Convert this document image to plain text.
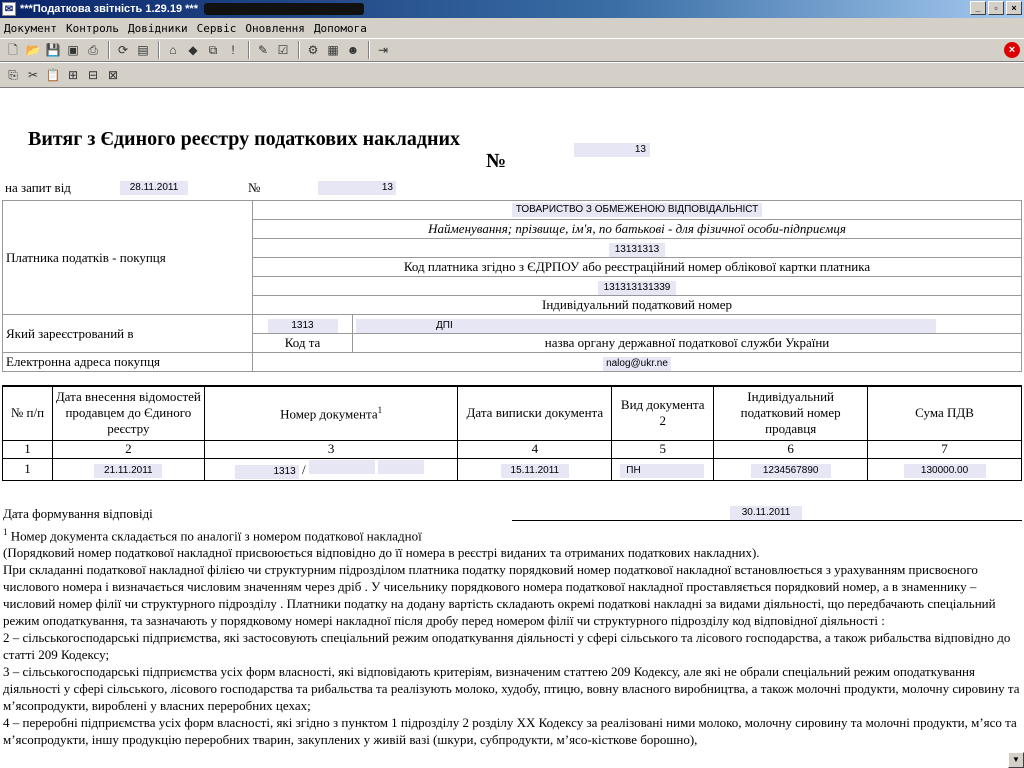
✉ ***Податкова звітність 1.29.19 ***	_	▫	×
Документ Контроль Довідники Сервіс Оновлення Допомога
🗋 📂 💾 ▣ ⎙	⟳ ▤	⌂ ◆ ⧉	!	✎ ☑	⚙ ▦ ☻	⇥	×
⎘ ✂ 📋 ⊞ ⊟ ⊠
Витяг з Єдиного реєстру податкових накладних
№
13
на запит від	28.11.2011	№	13
Платника податків - покупця	ТОВАРИСТВО З ОБМЕЖЕНОЮ ВІДПОВІДАЛЬНІСТ	
	Найменування; прізвище, ім'я, по батькові - для фізичної особи-підприємця	
	13131313	
	Код платника згідно з ЄДРПОУ або реєстраційний номер облікової картки платника	
	131313131339	
	Індивідуальний податковий номер	
Який зареєстрований в	1313	ДПІ
	Код та	назва органу державної податкової служби України
Електронна адреса покупця	nalog@ukr.ne	
№ п/п	Дата внесення відомостей продавцем до Єдиного реєстру	Номер документа$^1$	Дата виписки документа	Вид документа
2	Індивідуальний податковий номер продавця	Сума ПДВ
1	2	3	4	5	6	7
1	21.11.2011	1313 /	15.11.2011	ПН	1234567890	130000.00
Дата формування відповіді	30.11.2011

$^1$ Номер документа складається по аналогії з номером податкової накладної

(Порядковий номер податкової накладної присвоюється відповідно до її номера в реєстрі виданих та отриманих податкових накладних).

При складанні податкової накладної філією чи структурним підрозділом платника податку порядковий номер податкової накладної встановлюється з урахуванням присвоєного числового номера і визначається числовим значенням через дріб . У чисельнику порядкового номера податкової накладної проставляється порядковий номер, а в знаменнику – числовий номер філії чи структурного підрозділу . Платники податку на додану вартість складають окремі податкові накладні за видами діяльності, що передбачають спеціальний режим оподаткування, та зазначають у порядковому номері накладної після дробу перед номером філії чи структурного підрозділу код відповідної діяльності :

2 – сільськогосподарські підприємства, які застосовують спеціальний режим оподаткування діяльності у сфері сільського та лісового господарства, а також рибальства відповідно до статті 209 Кодексу;

3 – сільськогосподарські підприємства усіх форм власності, які відповідають критеріям, визначеним статтею 209 Кодексу, але які не обрали спеціальний режим оподаткування діяльності у сфері сільського, лісового господарства та рибальства та реалізують молоко, худобу, птицю, вовну власного виробництва, а також молочні продукти, молочну сировину та м’ясопродукти, вироблені у власних переробних цехах;

4 – переробні підприємства усіх форм власності, які згідно з пунктом 1 підрозділу 2 розділу XX Кодексу за реалізовані ними молоко, молочну сировину та молочні продукти, м’ясо та м’ясопродукти, іншу продукцію переробних тварин, закуплених у живій вазі (шкури, субпродукти, м’ясо-кісткове борошно),

▼
